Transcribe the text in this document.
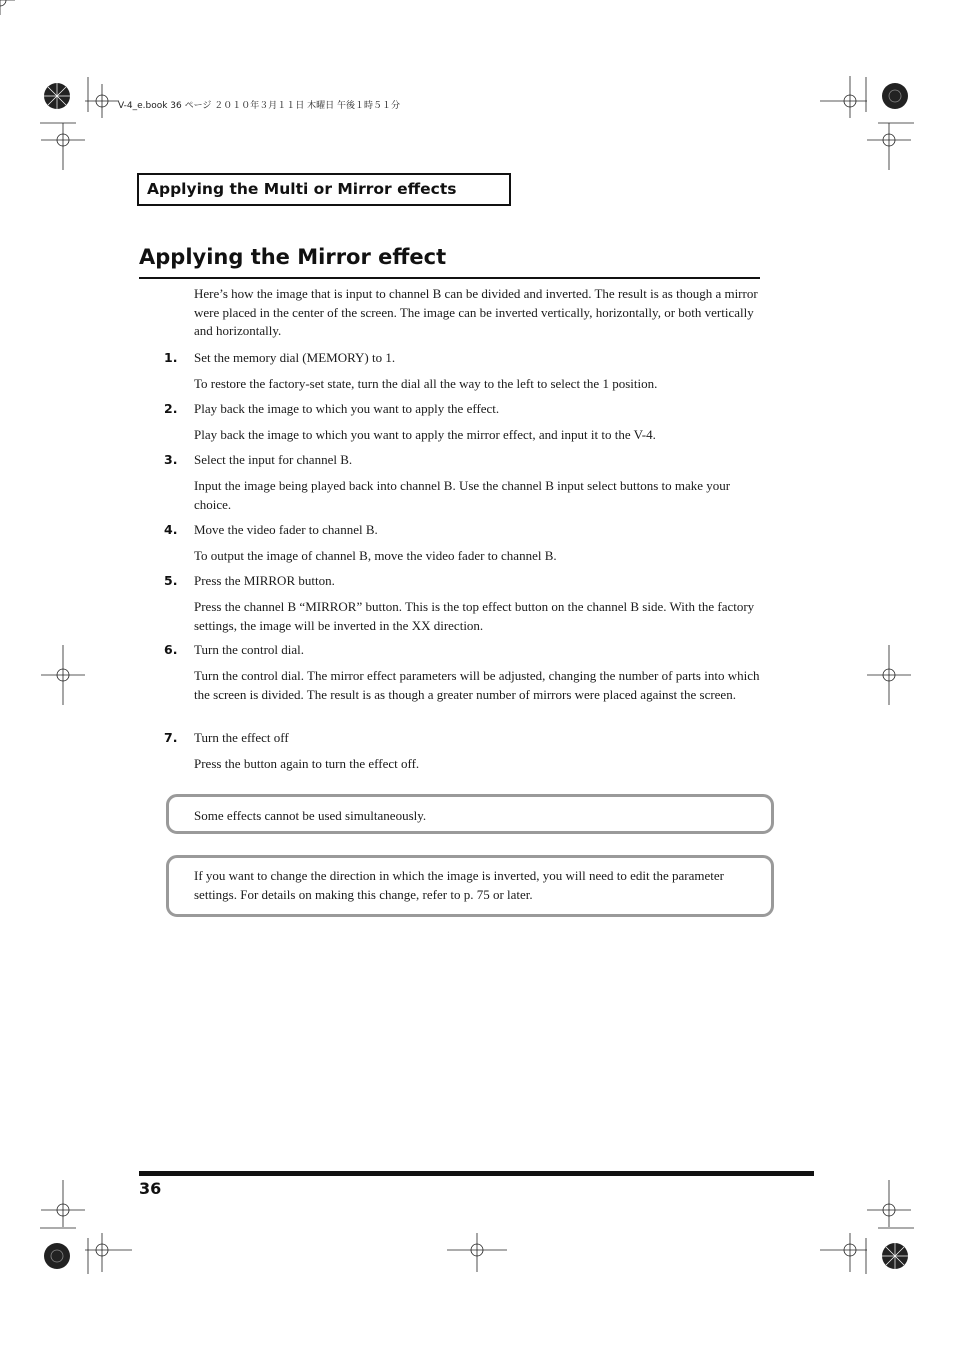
V-4_e.book 36 ページ ２０１０年３月１１日 木曜日 午後１時５１分
Applying the Multi or Mirror effects
Applying the Mirror effect
Here’s how the image that is input to channel B can be divided and inverted. The result is as though a mirror were placed in the center of the screen. The image can be inverted vertically, horizontally, or both vertically and horizontally.
1. Set the memory dial (MEMORY) to 1.
To restore the factory-set state, turn the dial all the way to the left to select the 1 position.
2. Play back the image to which you want to apply the effect.
Play back the image to which you want to apply the mirror effect, and input it to the V-4.
3. Select the input for channel B.
Input the image being played back into channel B. Use the channel B input select buttons to make your choice.
4. Move the video fader to channel B.
To output the image of channel B, move the video fader to channel B.
5. Press the MIRROR button.
Press the channel B “MIRROR” button. This is the top effect button on the channel B side. With the factory settings, the image will be inverted in the XX direction.
6. Turn the control dial.
Turn the control dial. The mirror effect parameters will be adjusted, changing the number of parts into which the screen is divided. The result is as though a greater number of mirrors were placed against the screen.
7. Turn the effect off
Press the button again to turn the effect off.
Some effects cannot be used simultaneously.
If you want to change the direction in which the image is inverted, you will need to edit the parameter settings. For details on making this change, refer to p. 75 or later.
36
